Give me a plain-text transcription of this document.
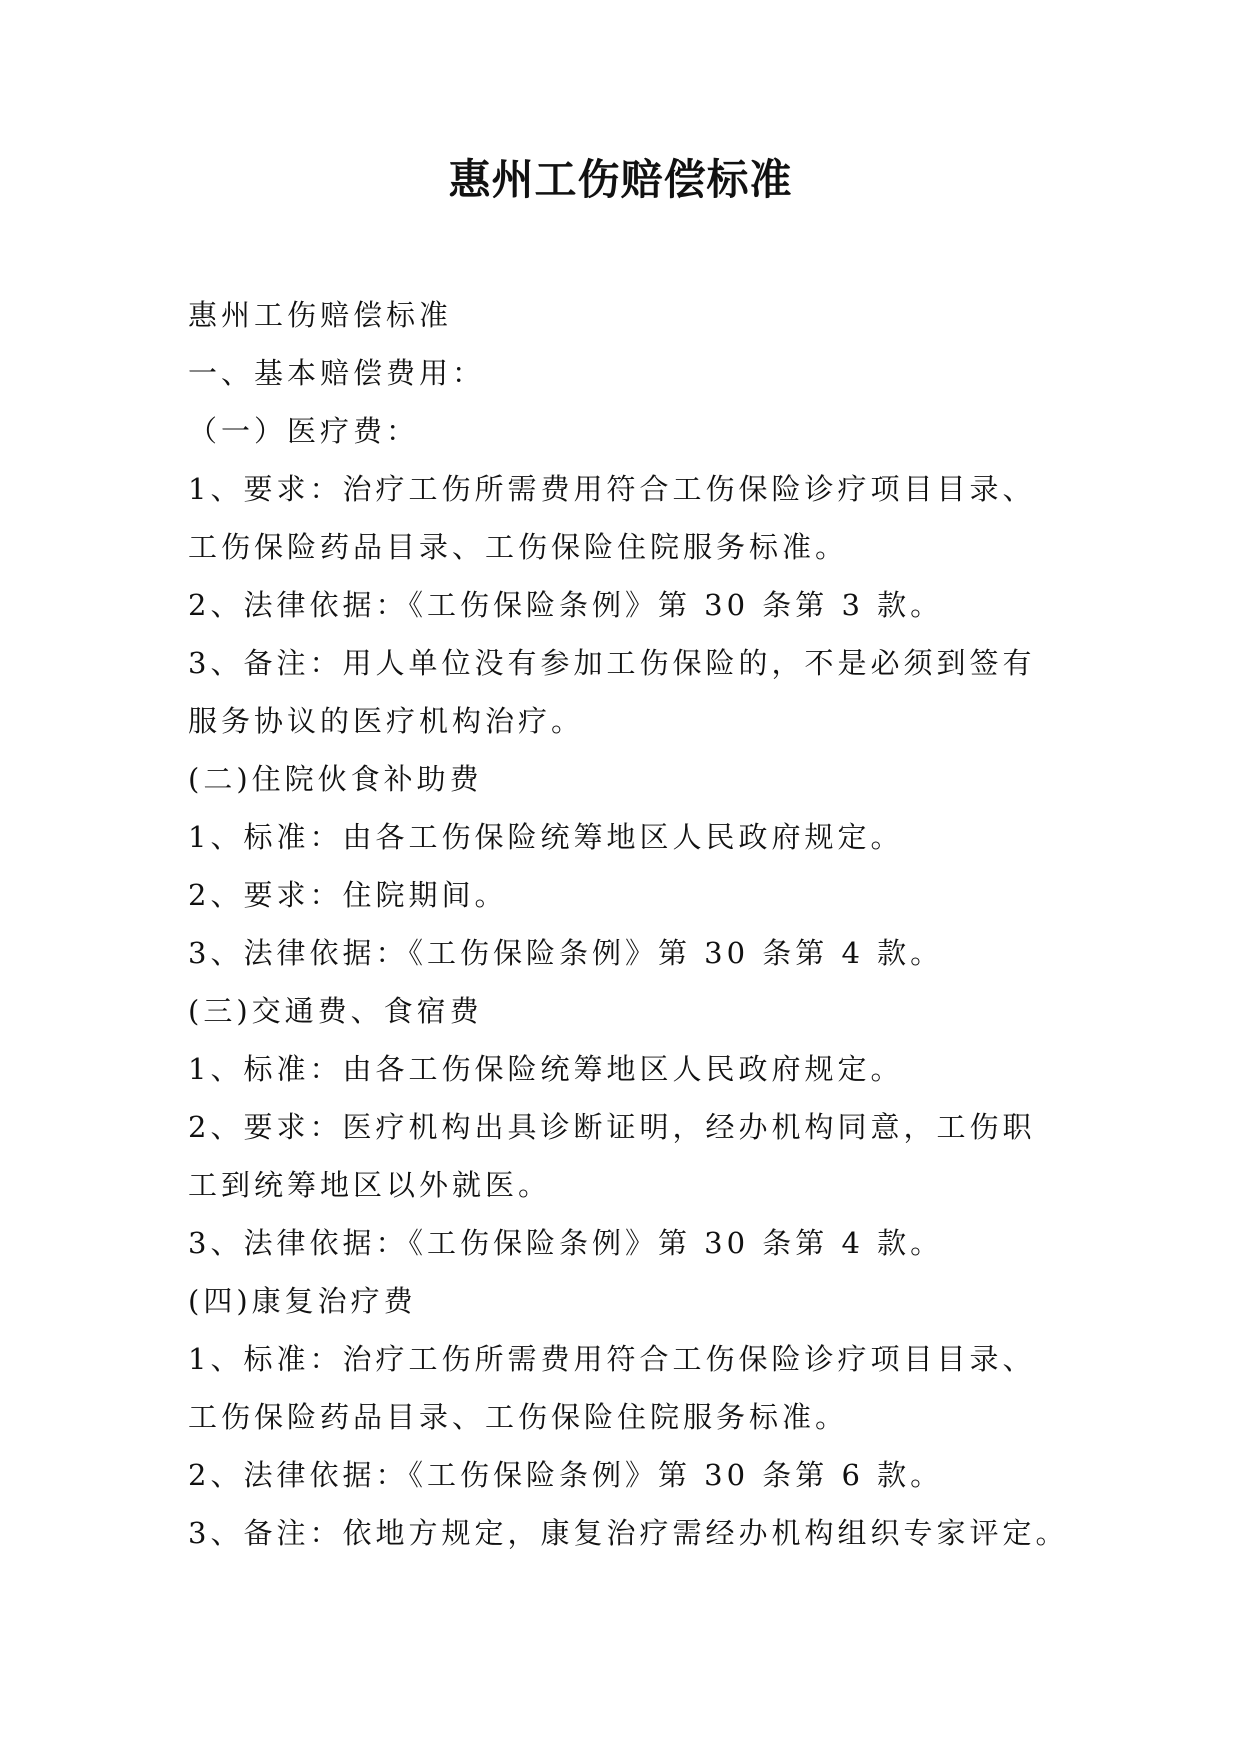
惠州工伤赔偿标准
惠州工伤赔偿标准
一、基本赔偿费用：
（一）医疗费：
1、要求：治疗工伤所需费用符合工伤保险诊疗项目目录、
工伤保险药品目录、工伤保险住院服务标准。
2、法律依据：《工伤保险条例》第 30 条第 3 款。
3、备注：用人单位没有参加工伤保险的，不是必须到签有
服务协议的医疗机构治疗。
(二)住院伙食补助费
1、标准：由各工伤保险统筹地区人民政府规定。
2、要求：住院期间。
3、法律依据：《工伤保险条例》第 30 条第 4 款。
(三)交通费、食宿费
1、标准：由各工伤保险统筹地区人民政府规定。
2、要求：医疗机构出具诊断证明，经办机构同意，工伤职
工到统筹地区以外就医。
3、法律依据：《工伤保险条例》第 30 条第 4 款。
(四)康复治疗费
1、标准：治疗工伤所需费用符合工伤保险诊疗项目目录、
工伤保险药品目录、工伤保险住院服务标准。
2、法律依据：《工伤保险条例》第 30 条第 6 款。
3、备注：依地方规定，康复治疗需经办机构组织专家评定。
